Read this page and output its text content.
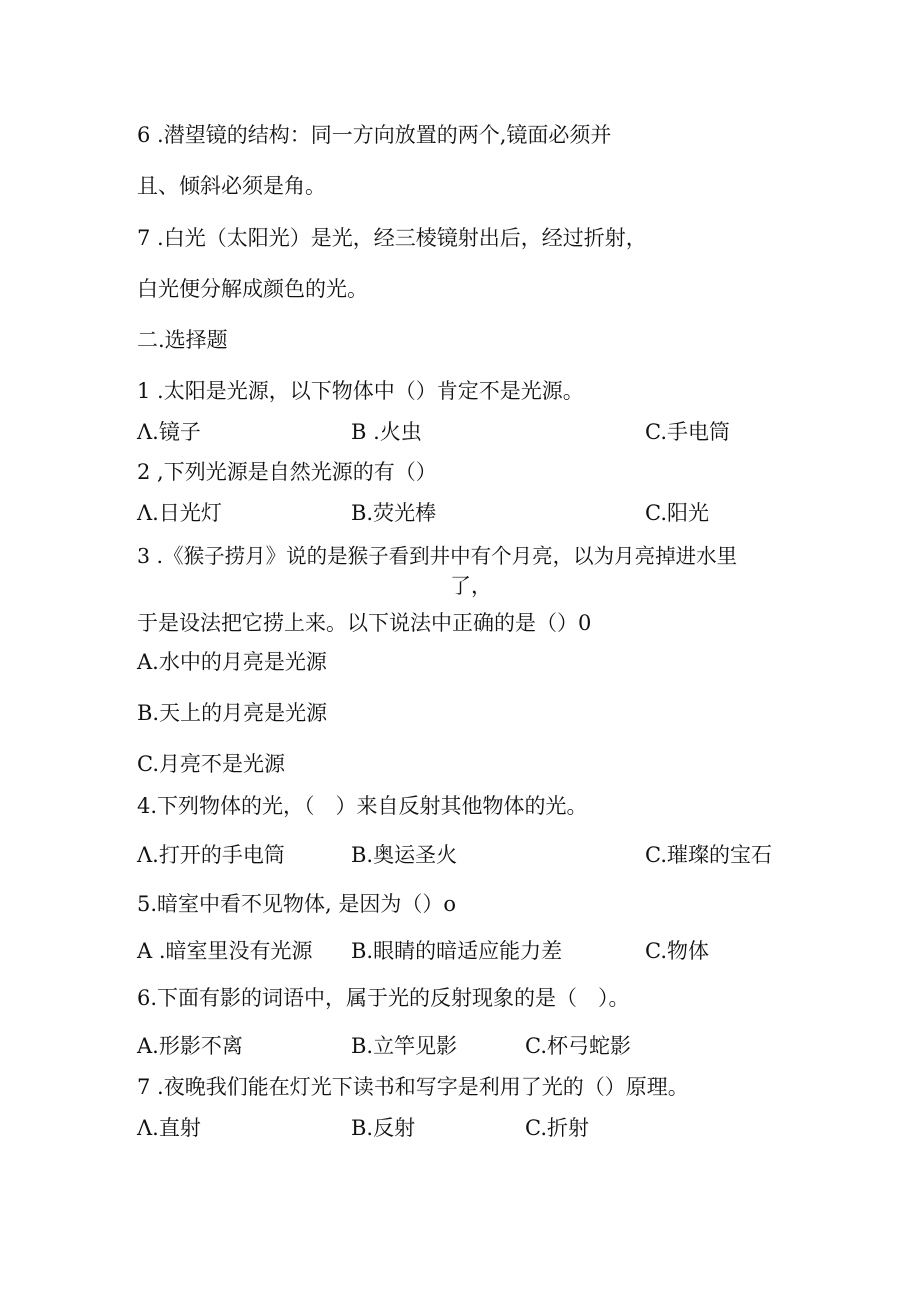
6 .潜望镜的结构：同一方向放置的两个,镜面必须并
且、倾斜必须是角。
7 .白光（太阳光）是光，经三棱镜射出后，经过折射，
白光便分解成颜色的光。
二.选择题
1 .太阳是光源，以下物体中（）肯定不是光源。
Λ.镜子	B .火虫	C.手电筒
2 ,下列光源是自然光源的有（）
Λ.日光灯	B.荧光棒	C.阳光
3 .《猴子捞月》说的是猴子看到井中有个月亮，以为月亮掉进水里
了，
于是设法把它捞上来。以下说法中正确的是（）0
A.水中的月亮是光源
B.天上的月亮是光源
C.月亮不是光源
4.下列物体的光，（　）来自反射其他物体的光。
Λ.打开的手电筒	B.奥运圣火	C.璀璨的宝石
5.暗室中看不见物体, 是因为（）o
A .暗室里没有光源 B.眼睛的暗适应能力差	C.物体
6.下面有影的词语中，属于光的反射现象的是（　）。
A.形影不离	B.立竿见影	C.杯弓蛇影
7 .夜晚我们能在灯光下读书和写字是利用了光的（）原理。
Λ.直射	B.反射	C.折射
